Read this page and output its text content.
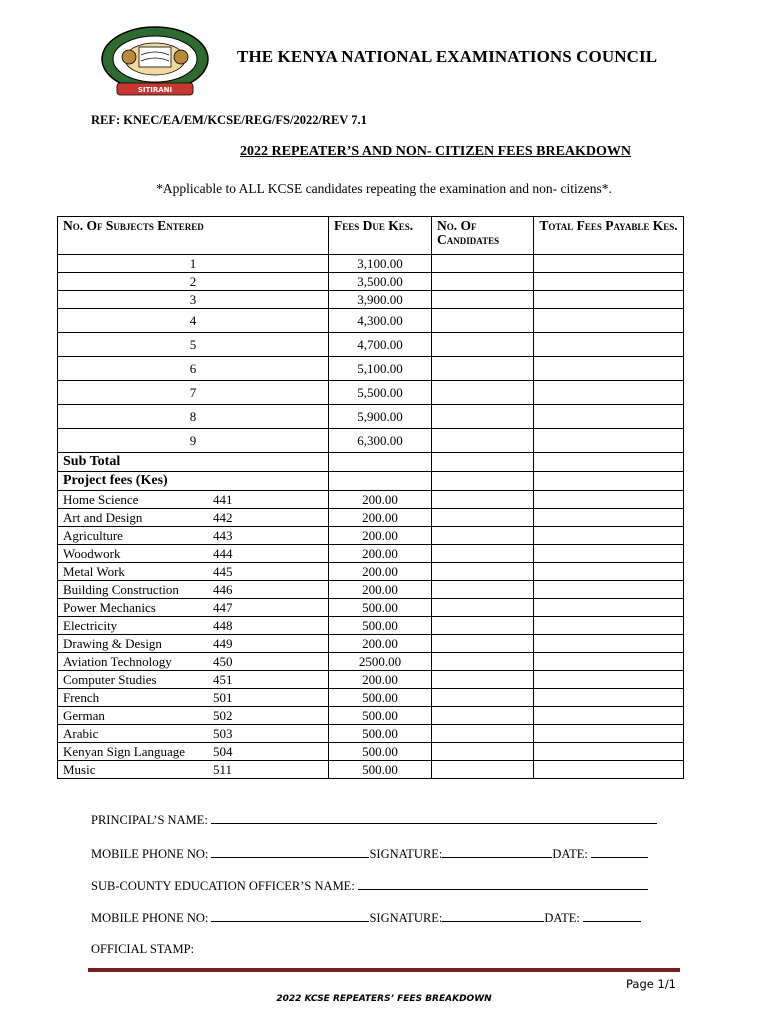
SITIRANI
THE KENYA NATIONAL EXAMINATIONS COUNCIL
REF: KNEC/EA/EM/KCSE/REG/FS/2022/REV 7.1
2022 REPEATER’S AND NON- CITIZEN FEES BREAKDOWN
*Applicable to ALL KCSE candidates repeating the examination and non- citizens*.
No. Of Subjects Entered	Fees Due Kes.	No. Of Candidates	Total Fees Payable Kes.
1	3,100.00		
2	3,500.00		
3	3,900.00		
4	4,300.00		
5	4,700.00		
6	5,100.00		
7	5,500.00		
8	5,900.00		
9	6,300.00		
Sub Total			
Project fees (Kes)			
Home Science 441	200.00		
Art and Design 442	200.00		
Agriculture 443	200.00		
Woodwork 444	200.00		
Metal Work 445	200.00		
Building Construction 446	200.00		
Power Mechanics 447	500.00		
Electricity 448	500.00		
Drawing & Design 449	200.00		
Aviation Technology 450	2500.00		
Computer Studies 451	200.00		
French 501	500.00		
German 502	500.00		
Arabic 503	500.00		
Kenyan Sign Language 504	500.00		
Music 511	500.00		
PRINCIPAL’S NAME:
MOBILE PHONE NO:	SIGNATURE:	DATE:
SUB-COUNTY EDUCATION OFFICER’S NAME:
MOBILE PHONE NO:	SIGNATURE:	DATE:
OFFICIAL STAMP:
Page 1/1
2022 KCSE REPEATERS’ FEES BREAKDOWN
